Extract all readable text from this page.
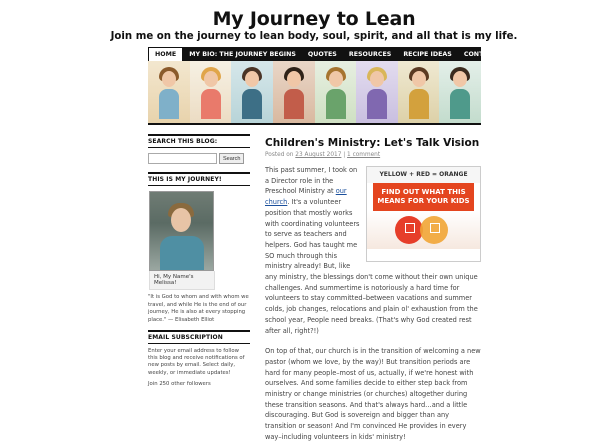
My Journey to Lean
Join me on the journey to lean body, soul, spirit, and all that is my life.
HOME	MY BIO: THE JOURNEY BEGINS	QUOTES	RESOURCES	RECIPE IDEAS	CONTACT
SEARCH THIS BLOG:
Search
THIS IS MY JOURNEY!
Hi, My Name's Melissa!
"It is God to whom and with whom we travel, and while He is the end of our journey, He is also at every stopping place." — Elisabeth Elliot
EMAIL SUBSCRIPTION
Enter your email address to follow this blog and receive notifications of new posts by email. Select daily, weekly, or immediate updates!
Join 250 other followers
Children's Ministry: Let's Talk Vision
Posted on 23 August 2017 | 1 comment
YELLOW + RED = ORANGE
FIND OUT WHAT THIS MEANS FOR YOUR KIDS
This past summer, I took on a Director role in the Preschool Ministry at our church. It's a volunteer position that mostly works with coordinating volunteers to serve as teachers and helpers. God has taught me SO much through this ministry already! But, like any ministry, the blessings don't come without their own unique challenges. And summertime is notoriously a hard time for volunteers to stay committed–between vacations and summer colds, job changes, relocations and plain ol' exhaustion from the school year, People need breaks. (That's why God created rest after all, right?!)
On top of that, our church is in the transition of welcoming a new pastor (whom we love, by the way)! But transition periods are hard for many people–most of us, actually, if we're honest with ourselves. And some families decide to either step back from ministry or change ministries (or churches) altogether during these transition seasons. And that's always hard…and a little discouraging. But God is sovereign and bigger than any transition or season! And I'm convinced He provides in every way–including volunteers in kids' ministry!
